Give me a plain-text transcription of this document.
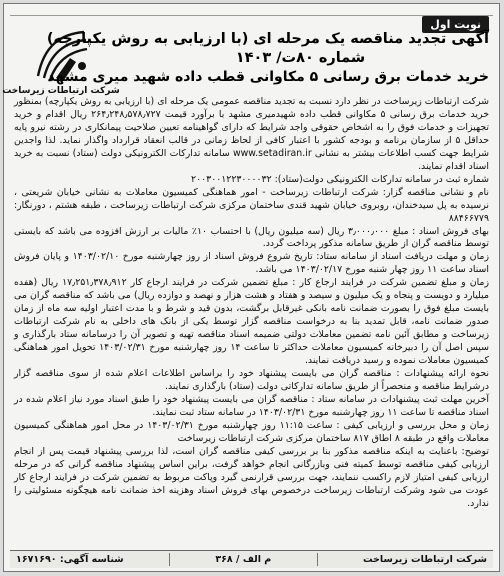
نوبت اول
شرکت ارتباطات زیرساخت
آگهی تجدید مناقصه یک مرحله ای (با ارزیابی به روش یکپارچه)
شماره ۸۰ت/ ۱۴۰۳
خرید خدمات برق رسانی ۵ مکاوانی قطب داده شهید میری مشهد

شرکت ارتباطات زیرساخت در نظر دارد نسبت به تجدید مناقصه عمومی یک مرحله ای (با ارزیابی به روش یکپارچه) بمنظور خرید خدمات برق رسانی ۵ مکاوانی قطب داده شهیدمیری مشهد با برآورد قیمت ۲۶۴٫۲۴۸٫۵۷۸٫۷۲۷ ریال اقدام و خرید تجهیزات و خدمات فوق را به اشخاص حقوقی واجد شرایط که دارای گواهینامه تعیین صلاحیت پیمانکاری در رشته نیرو پایه حداقل ۵ از سازمان برنامه و بودجه کشور با اعتبار کافی از لحاظ زمانی در قالب انعقاد قرارداد واگذار نماید. لذا واجدین شرایط جهت کسب اطلاعات بیشتر به نشانی www.setadiran.ir سامانه تدارکات الکترونیکی دولت (ستاد) نسبت به خرید اسناد اقدام نمایند.

شماره ثبت در سامانه تدارکات الکترونیکی دولت(ستاد): ۲۰۰۳۰۰۱۲۲۳۰۰۰۰۳۲

نام و نشانی مناقصه گزار: شرکت ارتباطات زیرساخت - امور هماهنگی کمیسیون معاملات به نشانی خیابان شریعتی ، نرسیده به پل سیدخندان، روبروی خیابان شهید قندی ساختمان مرکزی شرکت ارتباطات زیرساخت ، طبقه هشتم ، دورنگار: ۸۸۴۶۶۷۷۹

بهای فروش اسناد : مبلغ ۳٫۰۰۰٫۰۰۰ ریال (سه میلیون ریال) با احتساب ۱۰٪ مالیات بر ارزش افزوده می باشد که بایستی توسط مناقصه گران از طریق سامانه مذکور پرداخت گردد.

زمان و مهلت دریافت اسناد از سامانه ستاد: تاریخ شروع فروش اسناد از روز چهارشنبه مورخ ۱۴۰۳/۰۲/۱۰ و پایان فروش اسناد ساعت ۱۱ روز چهار شنبه مورخ ۱۴۰۳/۰۲/۱۷ می باشد.

زمان و مبلغ تضمین شرکت در فرایند ارجاع کار : مبلغ تضمین شرکت در فرایند ارجاع کار ۱۷٫۲۵۱٫۳۷۸٫۹۱۲ ریال (هفده میلیارد و دویست و پنجاه و یک میلیون و سیصد و هفتاد و هشت هزار و نهصد و دوازده ریال) می باشد که مناقصه گران می بایست مبلغ فوق را بصورت ضمانت نامه بانکی غیرقابل برگشت، بدون قید و شرط و با مدت اعتبار اولیه سه ماه از زمان صدور ضمانت نامه، قابل تمدید بنا به درخواست مناقصه گزار توسط یکی از بانک های داخلی به نام شرکت ارتباطات زیرساخت و مطابق آئین نامه تضمین معاملات دولتی ضمیمه اسناد مناقصه تهیه و تصویر آن را درسامانه ستاد بارگذاری و سپس اصل آن را دبیرخانه کمیسیون معاملات حداکثر تا ساعت ۱۴ روز چهارشنبه مورخ ۱۴۰۳/۰۲/۳۱ تحویل امور هماهنگی کمیسیون معاملات نموده و رسید دریافت نمایند.

نحوه ارائه پیشنهادات : مناقصه گران می بایست پیشنهاد خود را براساس اطلاعات اعلام شده از سوی مناقصه گزار درشرایط مناقصه و منحصراً از طریق سامانه تدارکاتی دولت (ستاد) بارگذاری نمایند.

آخرین مهلت ثبت پیشنهادات در سامانه ستاد : مناقصه گران می بایست پیشنهاد خود را طبق اسناد مورد نیاز اعلام شده در اسناد مناقصه تا ساعت ۱۱ روز چهارشنبه مورخ ۱۴۰۳/۰۲/۳۱ در سامانه ستاد ثبت نمایند.

زمان و محل بررسی و ارزیابی کیفی : ساعت ۱۱:۱۵ روز چهارشنبه مورخ ۱۴۰۳/۰۲/۳۱ در محل امور هماهنگی کمیسیون معاملات واقع در طبقه ۸ اطاق ۸۱۷ ساختمان مرکزی شرکت ارتباطات زیرساخت

توضیح: باعنایت به اینکه مناقصه مذکور بنا بر بررسی کیفی مناقصه گران است، لذا بررسی پیشنهاد قیمت پس از انجام ارزیابی کیفی مناقصه توسط کمیته فنی وبازرگانی انجام خواهد گرفت، براین اساس پیشنهاد مناقصه گرانی که در مرحله ارزیابی کیفی امتیاز لازم راکسب ننمایند، جهت بررسی قرارنمی گیرد وپاکت مربوط به تضمین شرکت در فرایند ارجاع کار عودت می شود وشرکت ارتباطات زیرساخت درخصوص بهای فروش اسناد وهزینه اخذ ضمانت نامه هیچگونه مسئولیتی را ندارد.

شرکت ارتباطات زیرساخت
م الف / ۳۶۸
شناسه آگهی: ۱۶۷۱۶۹۰
